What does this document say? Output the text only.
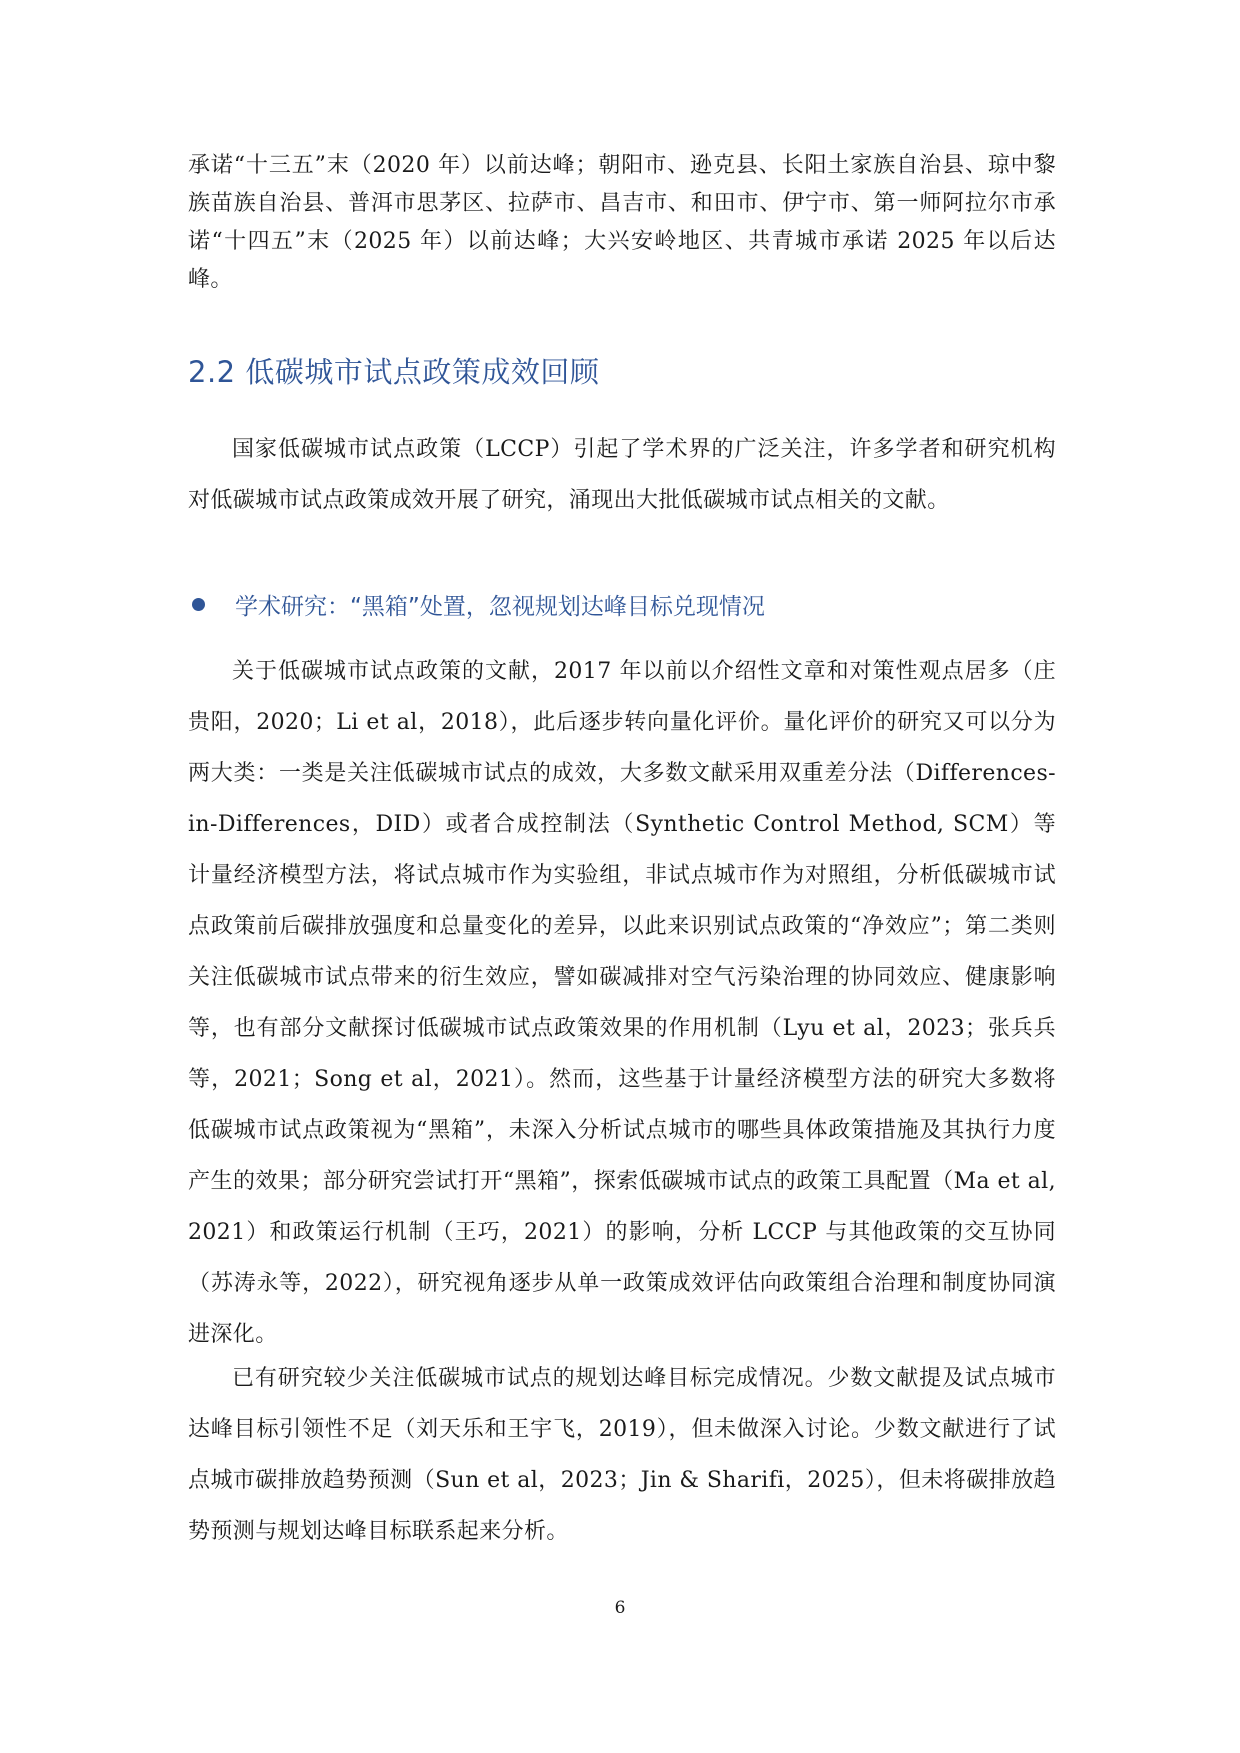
承诺“十三五”末（2020 年）以前达峰；朝阳市、逊克县、长阳土家族自治县、琼中黎族苗族自治县、普洱市思茅区、拉萨市、昌吉市、和田市、伊宁市、第一师阿拉尔市承诺“十四五”末（2025 年）以前达峰；大兴安岭地区、共青城市承诺 2025 年以后达峰。

2.2 低碳城市试点政策成效回顾

国家低碳城市试点政策（LCCP）引起了学术界的广泛关注，许多学者和研究机构对低碳城市试点政策成效开展了研究，涌现出大批低碳城市试点相关的文献。

学术研究：“黑箱”处置，忽视规划达峰目标兑现情况

关于低碳城市试点政策的文献，2017 年以前以介绍性文章和对策性观点居多（庄贵阳，2020；Li et al，2018），此后逐步转向量化评价。量化评价的研究又可以分为两大类：一类是关注低碳城市试点的成效，大多数文献采用双重差分法（Differences-in-Differences，DID）或者合成控制法（Synthetic Control Method, SCM）等计量经济模型方法，将试点城市作为实验组，非试点城市作为对照组，分析低碳城市试点政策前后碳排放强度和总量变化的差异，以此来识别试点政策的“净效应”；第二类则关注低碳城市试点带来的衍生效应，譬如碳减排对空气污染治理的协同效应、健康影响等，也有部分文献探讨低碳城市试点政策效果的作用机制（Lyu et al，2023；张兵兵等，2021；Song et al，2021）。然而，这些基于计量经济模型方法的研究大多数将低碳城市试点政策视为“黑箱”，未深入分析试点城市的哪些具体政策措施及其执行力度产生的效果；部分研究尝试打开“黑箱”，探索低碳城市试点的政策工具配置（Ma et al, 2021）和政策运行机制（王巧，2021）的影响，分析 LCCP 与其他政策的交互协同（苏涛永等，2022），研究视角逐步从单一政策成效评估向政策组合治理和制度协同演进深化。

已有研究较少关注低碳城市试点的规划达峰目标完成情况。少数文献提及试点城市达峰目标引领性不足（刘天乐和王宇飞，2019），但未做深入讨论。少数文献进行了试点城市碳排放趋势预测（Sun et al，2023；Jin & Sharifi，2025），但未将碳排放趋势预测与规划达峰目标联系起来分析。

6
